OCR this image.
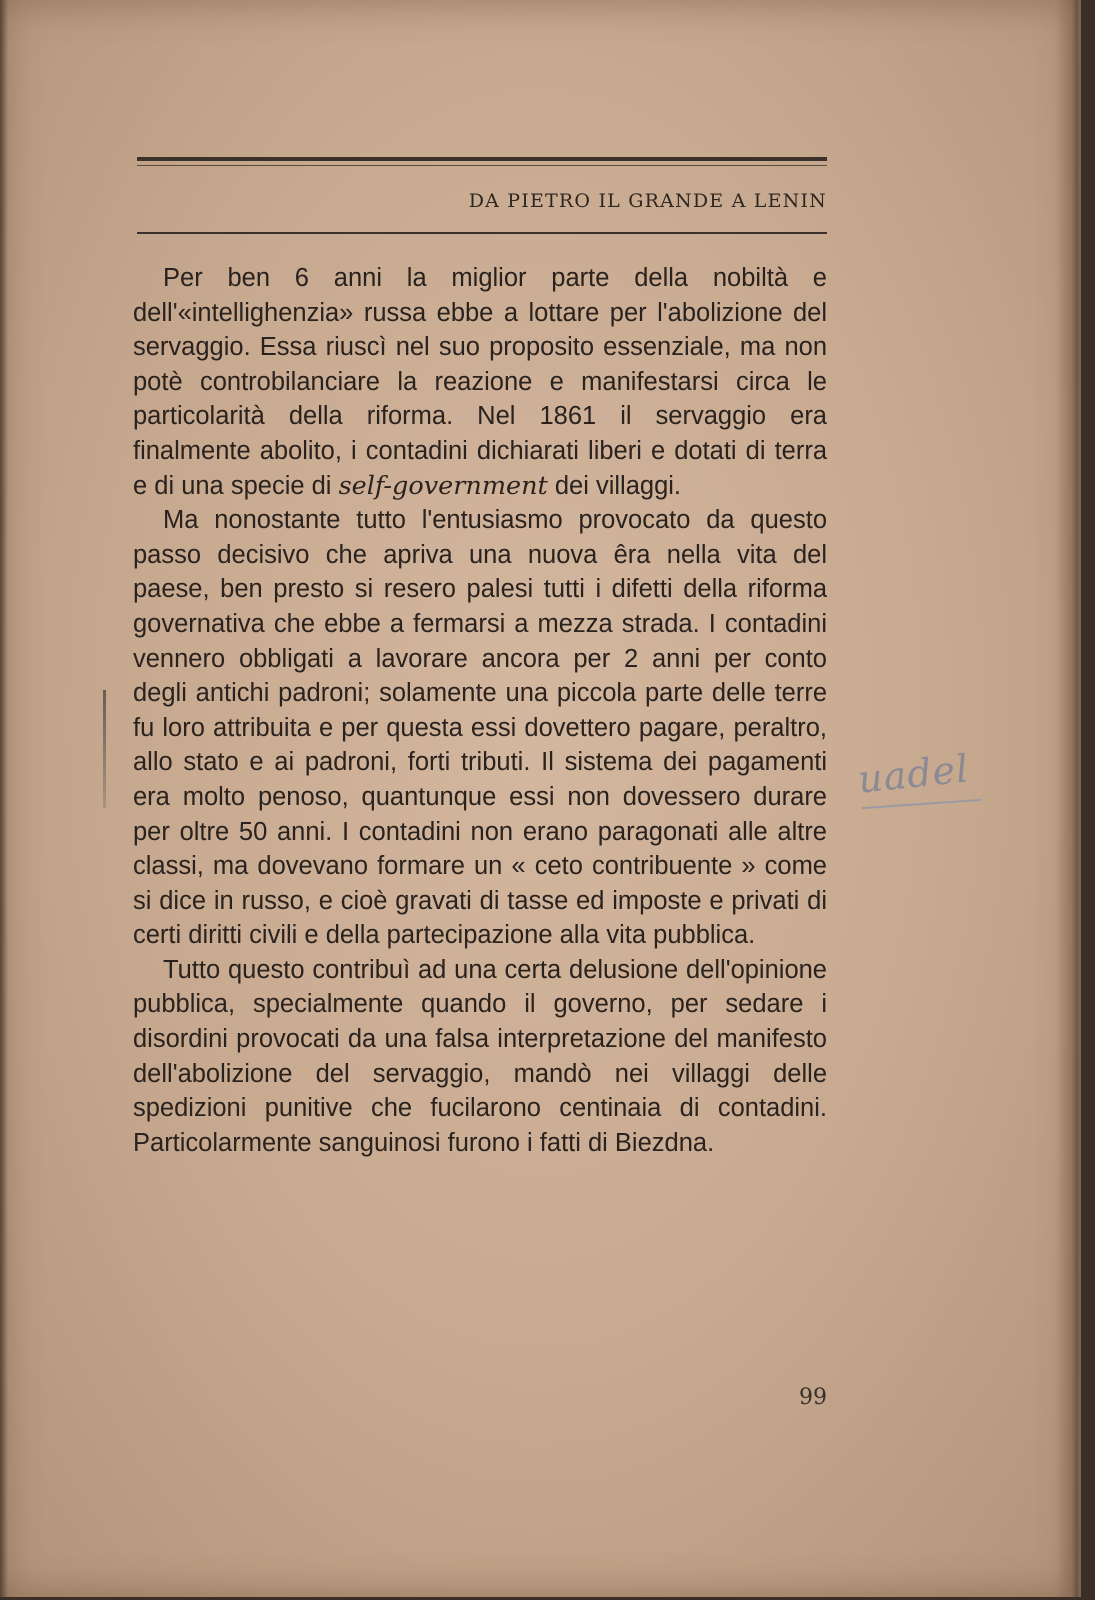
DA PIETRO IL GRANDE A LENIN

Per ben 6 anni la miglior parte della nobiltà e dell'«intellighenzia» russa ebbe a lottare per l'abolizione del servaggio. Essa riuscì nel suo proposito essenziale, ma non potè controbilanciare la reazione e manifestarsi circa le particolarità della riforma. Nel 1861 il servaggio era finalmente abolito, i contadini dichiarati liberi e dotati di terra e di una specie di self-government dei villaggi.

Ma nonostante tutto l'entusiasmo provocato da questo passo decisivo che apriva una nuova êra nella vita del paese, ben presto si resero palesi tutti i difetti della riforma governativa che ebbe a fermarsi a mezza strada. I contadini vennero obbligati a lavorare ancora per 2 anni per conto degli antichi padroni; solamente una piccola parte delle terre fu loro attribuita e per questa essi dovettero pagare, peraltro, allo stato e ai padroni, forti tributi. Il sistema dei pagamenti era molto penoso, quantunque essi non dovessero durare per oltre 50 anni. I contadini non erano paragonati alle altre classi, ma dovevano formare un « ceto contribuente » come si dice in russo, e cioè gravati di tasse ed imposte e privati di certi diritti civili e della partecipazione alla vita pubblica.

Tutto questo contribuì ad una certa delusione dell'opinione pubblica, specialmente quando il governo, per sedare i disordini provocati da una falsa interpretazione del manifesto dell'abolizione del servaggio, mandò nei villaggi delle spedizioni punitive che fucilarono centinaia di contadini. Particolarmente sanguinosi furono i fatti di Biezdna.

uadel
99
